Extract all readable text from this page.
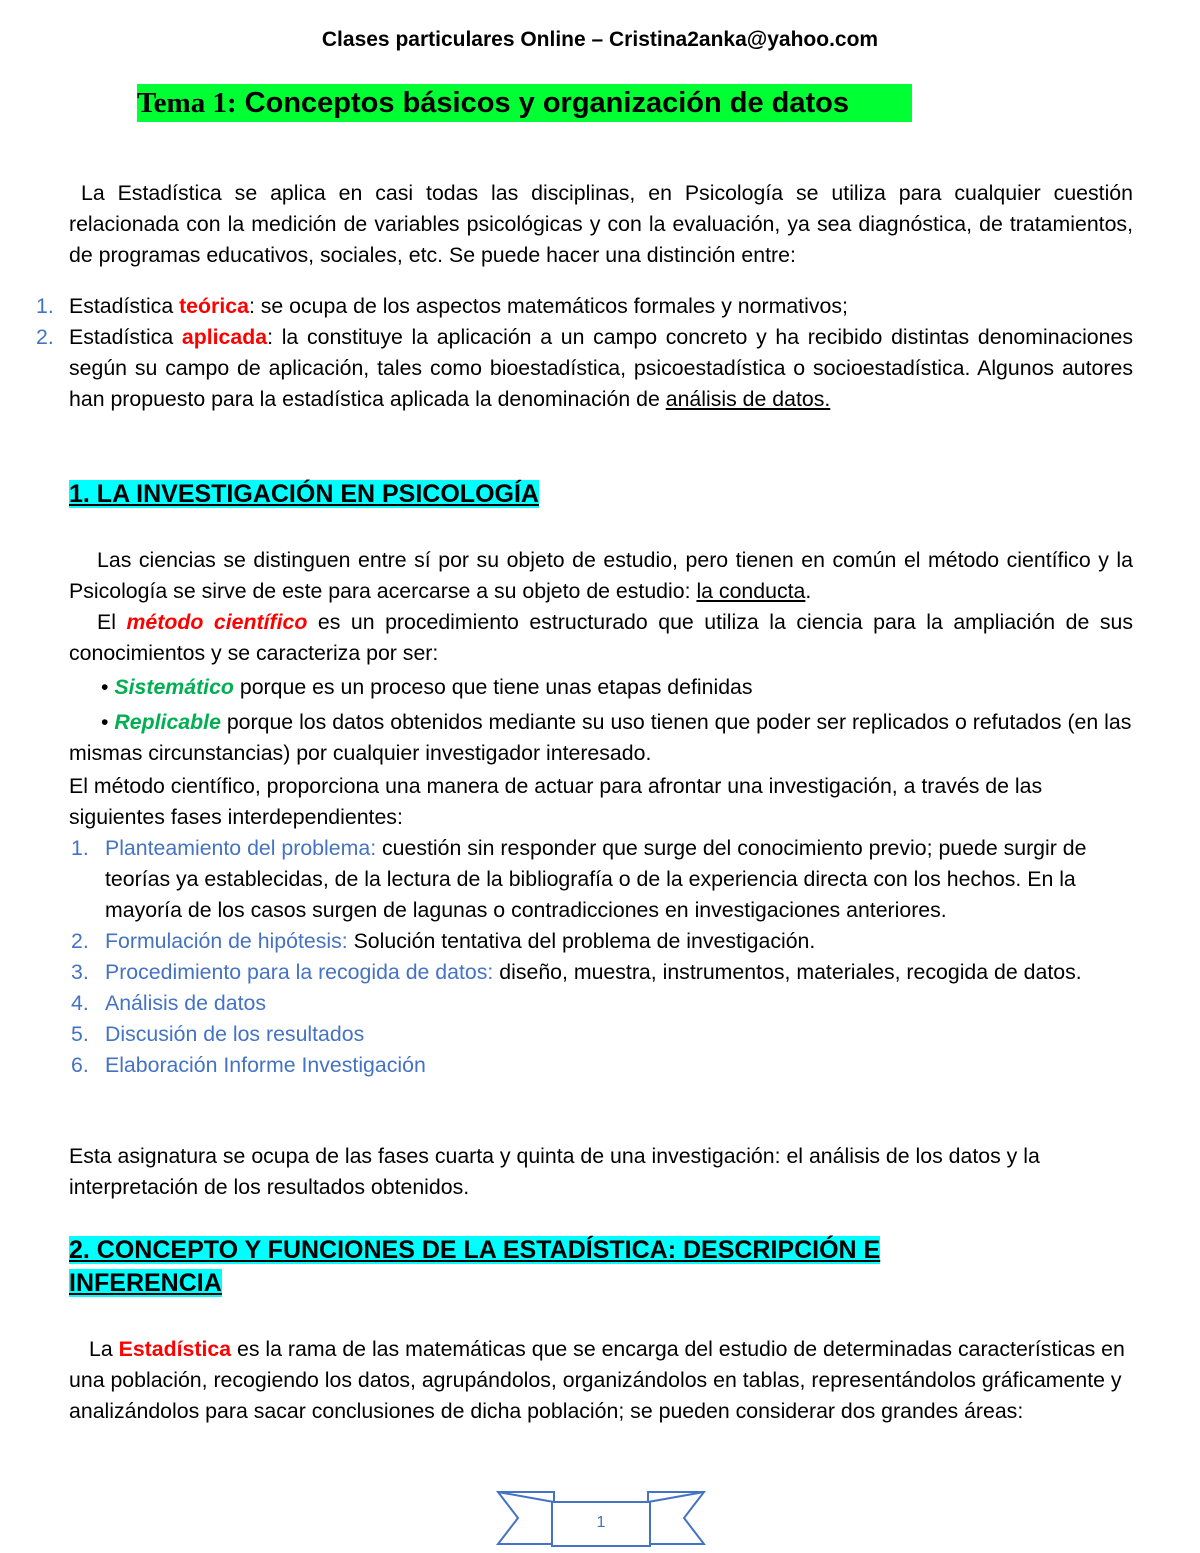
Clases particulares Online – Cristina2anka@yahoo.com
Tema 1: Conceptos básicos y organización de datos
La Estadística se aplica en casi todas las disciplinas, en Psicología se utiliza para cualquier cuestión relacionada con la medición de variables psicológicas y con la evaluación, ya sea diagnóstica, de tratamientos, de programas educativos, sociales, etc. Se puede hacer una distinción entre:
1. Estadística teórica: se ocupa de los aspectos matemáticos formales y normativos;
2. Estadística aplicada: la constituye la aplicación a un campo concreto y ha recibido distintas denominaciones según su campo de aplicación, tales como bioestadística, psicoestadística o socioestadística. Algunos autores han propuesto para la estadística aplicada la denominación de análisis de datos.
1. LA INVESTIGACIÓN EN PSICOLOGÍA
Las ciencias se distinguen entre sí por su objeto de estudio, pero tienen en común el método científico y la Psicología se sirve de este para acercarse a su objeto de estudio: la conducta.
El método científico es un procedimiento estructurado que utiliza la ciencia para la ampliación de sus conocimientos y se caracteriza por ser:
• Sistemático porque es un proceso que tiene unas etapas definidas
• Replicable porque los datos obtenidos mediante su uso tienen que poder ser replicados o refutados (en las mismas circunstancias) por cualquier investigador interesado.
El método científico, proporciona una manera de actuar para afrontar una investigación, a través de las siguientes fases interdependientes:
1. Planteamiento del problema: cuestión sin responder que surge del conocimiento previo; puede surgir de teorías ya establecidas, de la lectura de la bibliografía o de la experiencia directa con los hechos. En la mayoría de los casos surgen de lagunas o contradicciones en investigaciones anteriores.
2. Formulación de hipótesis: Solución tentativa del problema de investigación.
3. Procedimiento para la recogida de datos: diseño, muestra, instrumentos, materiales, recogida de datos.
4. Análisis de datos
5. Discusión de los resultados
6. Elaboración Informe Investigación
Esta asignatura se ocupa de las fases cuarta y quinta de una investigación: el análisis de los datos y la interpretación de los resultados obtenidos.
2. CONCEPTO Y FUNCIONES DE LA ESTADÍSTICA: DESCRIPCIÓN E INFERENCIA
La Estadística es la rama de las matemáticas que se encarga del estudio de determinadas características en una población, recogiendo los datos, agrupándolos, organizándolos en tablas, representándolos gráficamente y analizándolos para sacar conclusiones de dicha población; se pueden considerar dos grandes áreas:
1
